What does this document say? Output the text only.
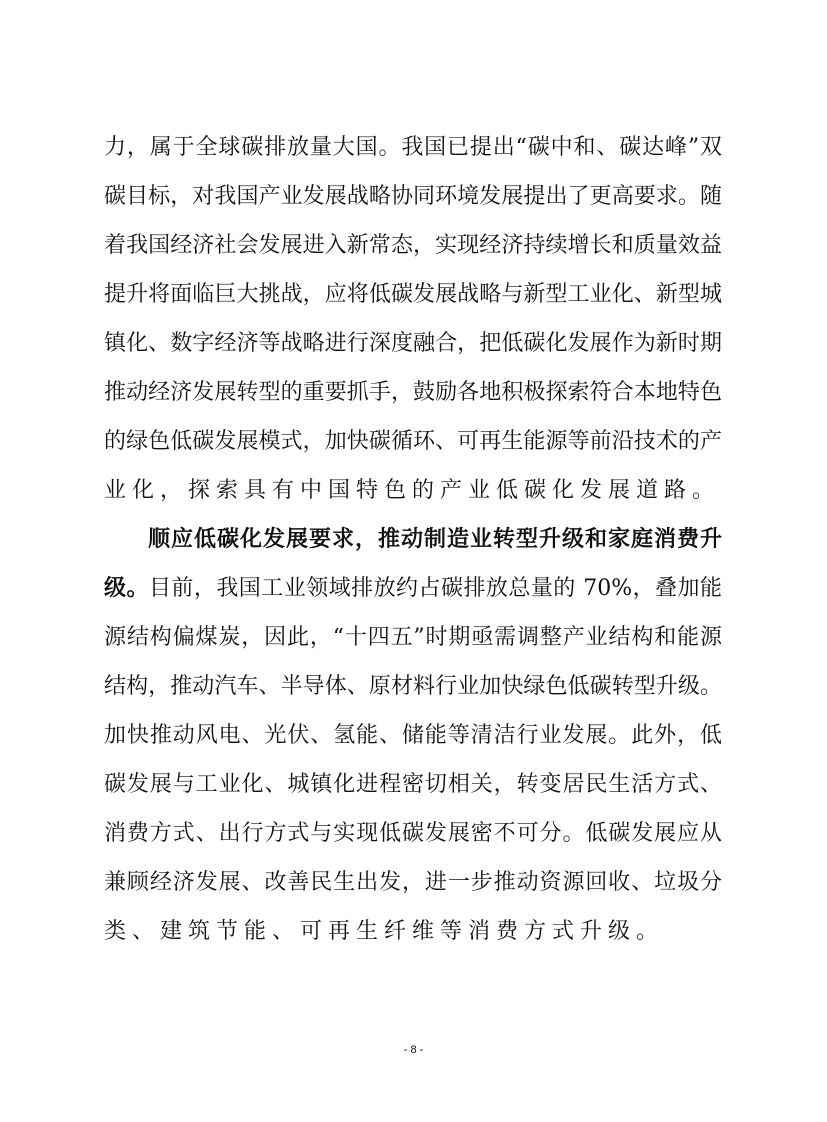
力，属于全球碳排放量大国。我国已提出“碳中和、碳达峰”双
碳目标，对我国产业发展战略协同环境发展提出了更高要求。随
着我国经济社会发展进入新常态，实现经济持续增长和质量效益
提升将面临巨大挑战，应将低碳发展战略与新型工业化、新型城
镇化、数字经济等战略进行深度融合，把低碳化发展作为新时期
推动经济发展转型的重要抓手，鼓励各地积极探索符合本地特色
的绿色低碳发展模式，加快碳循环、可再生能源等前沿技术的产
业化，探索具有中国特色的产业低碳化发展道路。
顺应低碳化发展要求，推动制造业转型升级和家庭消费升
级。目前，我国工业领域排放约占碳排放总量的 70%，叠加能
源结构偏煤炭，因此，“十四五”时期亟需调整产业结构和能源
结构，推动汽车、半导体、原材料行业加快绿色低碳转型升级。
加快推动风电、光伏、氢能、储能等清洁行业发展。此外，低
碳发展与工业化、城镇化进程密切相关，转变居民生活方式、
消费方式、出行方式与实现低碳发展密不可分。低碳发展应从
兼顾经济发展、改善民生出发，进一步推动资源回收、垃圾分
类、建筑节能、可再生纤维等消费方式升级。
- 8 -
